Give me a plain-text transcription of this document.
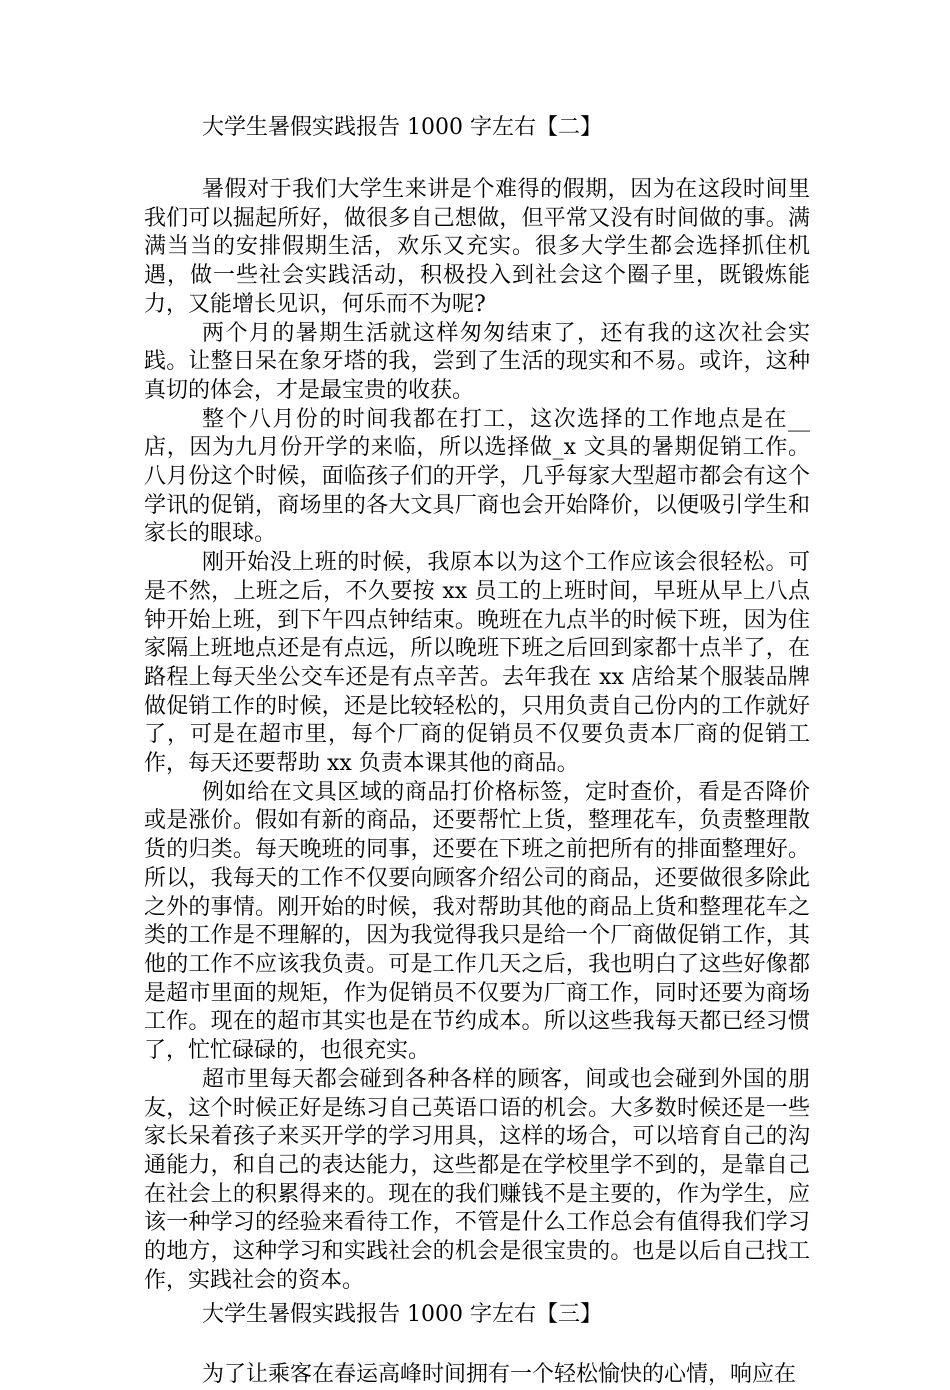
大学生暑假实践报告 1000 字左右【二】

暑假对于我们大学生来讲是个难得的假期，因为在这段时间里我们可以掘起所好，做很多自己想做，但平常又没有时间做的事。满满当当的安排假期生活，欢乐又充实。很多大学生都会选择抓住机遇，做一些社会实践活动，积极投入到社会这个圈子里，既锻炼能力，又能增长见识，何乐而不为呢?

两个月的暑期生活就这样匆匆结束了，还有我的这次社会实践。让整日呆在象牙塔的我，尝到了生活的现实和不易。或许，这种真切的体会，才是最宝贵的收获。

整个八月份的时间我都在打工，这次选择的工作地点是在__店，因为九月份开学的来临，所以选择做_x 文具的暑期促销工作。八月份这个时候，面临孩子们的开学，几乎每家大型超市都会有这个学讯的促销，商场里的各大文具厂商也会开始降价，以便吸引学生和家长的眼球。

刚开始没上班的时候，我原本以为这个工作应该会很轻松。可是不然，上班之后，不久要按 xx 员工的上班时间，早班从早上八点钟开始上班，到下午四点钟结束。晚班在九点半的时候下班，因为住家隔上班地点还是有点远，所以晚班下班之后回到家都十点半了，在路程上每天坐公交车还是有点辛苦。去年我在 xx 店给某个服装品牌做促销工作的时候，还是比较轻松的，只用负责自己份内的工作就好了，可是在超市里，每个厂商的促销员不仅要负责本厂商的促销工作，每天还要帮助 xx 负责本课其他的商品。

例如给在文具区域的商品打价格标签，定时查价，看是否降价或是涨价。假如有新的商品，还要帮忙上货，整理花车，负责整理散货的归类。每天晚班的同事，还要在下班之前把所有的排面整理好。所以，我每天的工作不仅要向顾客介绍公司的商品，还要做很多除此之外的事情。刚开始的时候，我对帮助其他的商品上货和整理花车之类的工作是不理解的，因为我觉得我只是给一个厂商做促销工作，其他的工作不应该我负责。可是工作几天之后，我也明白了这些好像都是超市里面的规矩，作为促销员不仅要为厂商工作，同时还要为商场工作。现在的超市其实也是在节约成本。所以这些我每天都已经习惯了，忙忙碌碌的，也很充实。

超市里每天都会碰到各种各样的顾客，间或也会碰到外国的朋友，这个时候正好是练习自己英语口语的机会。大多数时候还是一些家长呆着孩子来买开学的学习用具，这样的场合，可以培育自己的沟通能力，和自己的表达能力，这些都是在学校里学不到的，是靠自己在社会上的积累得来的。现在的我们赚钱不是主要的，作为学生，应该一种学习的经验来看待工作，不管是什么工作总会有值得我们学习的地方，这种学习和实践社会的机会是很宝贵的。也是以后自己找工作，实践社会的资本。

大学生暑假实践报告 1000 字左右【三】

为了让乘客在春运高峰时间拥有一个轻松愉快的心情，响应在
